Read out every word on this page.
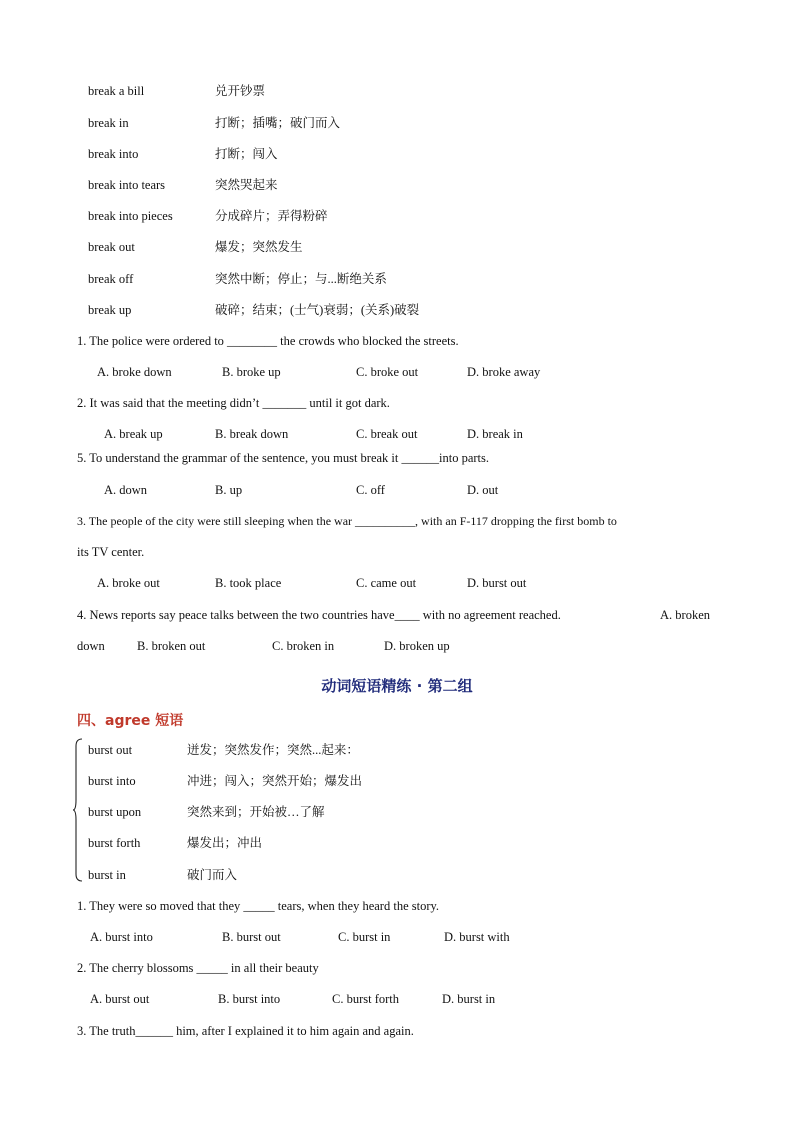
break a bill	兑开钞票
break in	打断；插嘴；破门而入
break into	打断；闯入
break into tears	突然哭起来
break into pieces	分成碎片；弄得粉碎
break out	爆发；突然发生
break off	突然中断；停止；与...断绝关系
break up	破碎；结束；(士气)衰弱；(关系)破裂
1. The police were ordered to ________ the crowds who blocked the streets.
A. broke down	B. broke up	C. broke out	D. broke away
2. It was said that the meeting didn’t _______ until it got dark.
A. break up	B. break down	C. break out	D. break in
5. To understand the grammar of the sentence, you must break it ______into parts.
A. down	B. up	C. off	D. out
3. The people of the city were still sleeping when the war __________, with an F-117 dropping the first bomb to
its TV center.
A. broke out	B. took place	C. came out	D. burst out
4. News reports say peace talks between the two countries have____ with no agreement reached.	A. broken
down	B. broken out	C. broken in	D. broken up
动词短语精练 · 第二组
四、agree 短语
burst out	迸发；突然发作；突然...起来：
burst into	冲进；闯入；突然开始；爆发出
burst upon	突然来到；开始被…了解
burst forth	爆发出；冲出
burst in	破门而入
1. They were so moved that they _____ tears, when they heard the story.
A. burst into	B. burst out	C. burst in	D. burst with
2. The cherry blossoms _____ in all their beauty
A. burst out	B. burst into	C. burst forth	D. burst in
3. The truth______ him, after I explained it to him again and again.
